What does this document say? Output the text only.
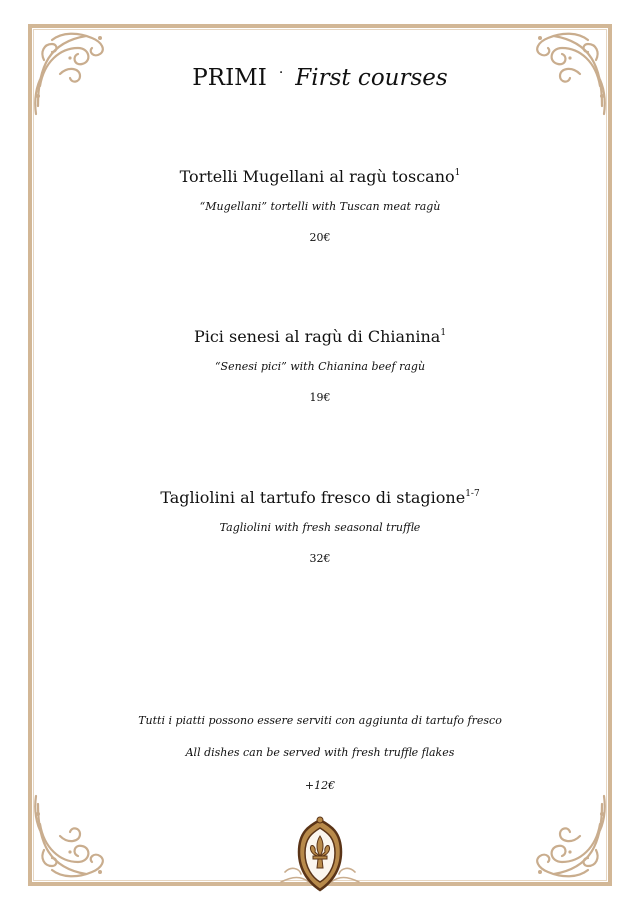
PRIMI · First courses
Tortelli Mugellani al ragù toscano$^1$
“Mugellani” tortelli with Tuscan meat ragù
20€
Pici senesi al ragù di Chianina$^1$
“Senesi pici” with Chianina beef ragù
19€
Tagliolini al tartufo fresco di stagione$^{1-7}$
Tagliolini with fresh seasonal truffle
32€
Tutti i piatti possono essere serviti con aggiunta di tartufo fresco
All dishes can be served with fresh truffle flakes
+12€
